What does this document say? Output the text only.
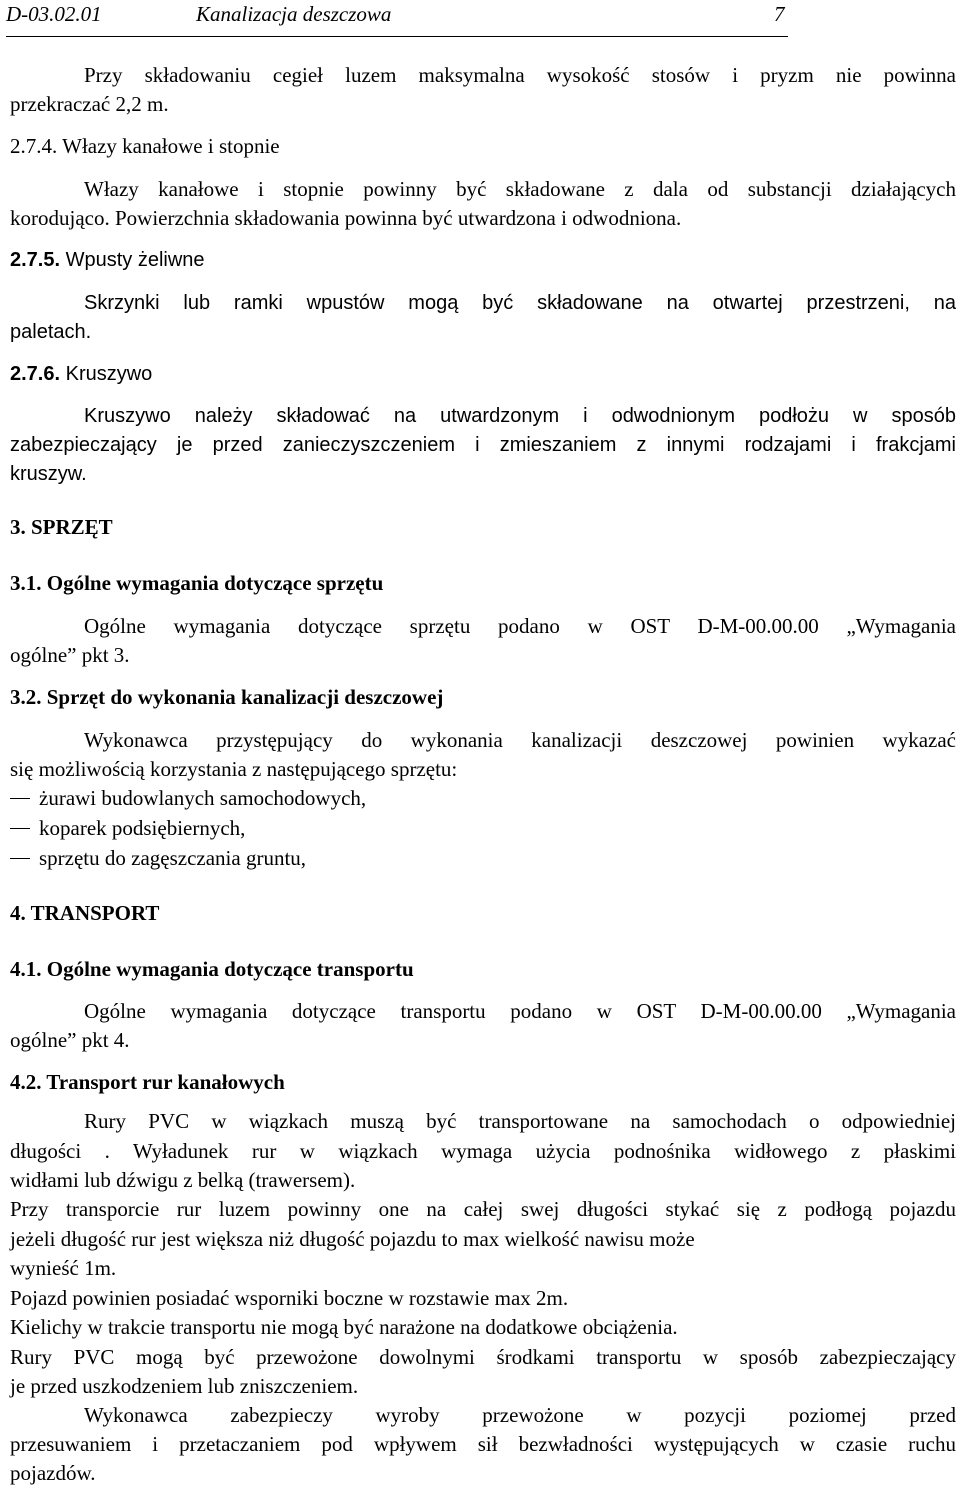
D-03.02.01	Kanalizacja deszczowa	7
Przy składowaniu cegieł luzem maksymalna wysokość stosów i pryzm nie powinna
przekraczać 2,2 m.
2.7.4. Włazy kanałowe i stopnie
Włazy kanałowe i stopnie powinny być składowane z dala od substancji działających
korodująco. Powierzchnia składowania powinna być utwardzona i odwodniona.
2.7.5. Wpusty żeliwne
Skrzynki lub ramki wpustów mogą być składowane na otwartej przestrzeni, na
paletach.
2.7.6. Kruszywo
Kruszywo należy składować na utwardzonym i odwodnionym podłożu w sposób
zabezpieczający je przed zanieczyszczeniem i zmieszaniem z innymi rodzajami i frakcjami
kruszyw.
3. SPRZĘT
3.1. Ogólne wymagania dotyczące sprzętu
Ogólne wymagania dotyczące sprzętu podano w OST D-M-00.00.00 „Wymagania
ogólne” pkt 3.
3.2. Sprzęt do wykonania kanalizacji deszczowej
Wykonawca przystępujący do wykonania kanalizacji deszczowej powinien wykazać
się możliwością korzystania z następującego sprzętu:
żurawi budowlanych samochodowych,
koparek podsiębiernych,
sprzętu do zagęszczania gruntu,
4. TRANSPORT
4.1. Ogólne wymagania dotyczące transportu
Ogólne wymagania dotyczące transportu podano w OST D-M-00.00.00 „Wymagania
ogólne” pkt 4.
4.2. Transport rur kanałowych
Rury PVC w wiązkach muszą być transportowane na samochodach o odpowiedniej
długości . Wyładunek rur w wiązkach wymaga użycia podnośnika widłowego z płaskimi
widłami lub dźwigu z belką (trawersem).
Przy transporcie rur luzem powinny one na całej swej długości stykać się z podłogą pojazdu
jeżeli długość rur jest większa niż długość pojazdu to max wielkość nawisu może
wynieść 1m.
Pojazd powinien posiadać wsporniki boczne w rozstawie max 2m.
Kielichy w trakcie transportu nie mogą być narażone na dodatkowe obciążenia.
Rury PVC mogą być przewożone dowolnymi środkami transportu w sposób zabezpieczający
je przed uszkodzeniem lub zniszczeniem.
Wykonawca zabezpieczy wyroby przewożone w pozycji poziomej przed
przesuwaniem i przetaczaniem pod wpływem sił bezwładności występujących w czasie ruchu
pojazdów.
